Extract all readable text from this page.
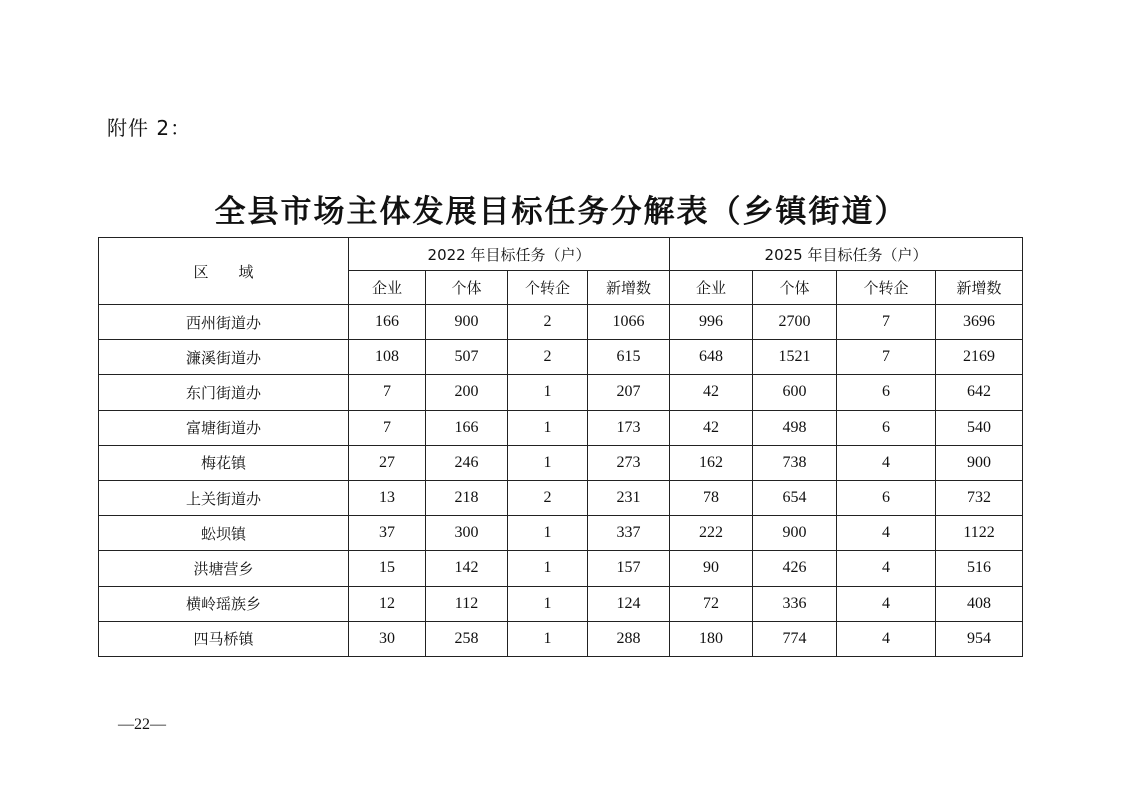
附件 2：
全县市场主体发展目标任务分解表（乡镇街道）
区　　域	2022 年目标任务（户）				2025 年目标任务（户）			
	企业	个体	个转企	新增数	企业	个体	个转企	新增数
西州街道办	166	900	2	1066	996	2700	7	3696
濂溪街道办	108	507	2	615	648	1521	7	2169
东门街道办	7	200	1	207	42	600	6	642
富塘街道办	7	166	1	173	42	498	6	540
梅花镇	27	246	1	273	162	738	4	900
上关街道办	13	218	2	231	78	654	6	732
蚣坝镇	37	300	1	337	222	900	4	1122
洪塘营乡	15	142	1	157	90	426	4	516
横岭瑶族乡	12	112	1	124	72	336	4	408
四马桥镇	30	258	1	288	180	774	4	954
—22—
